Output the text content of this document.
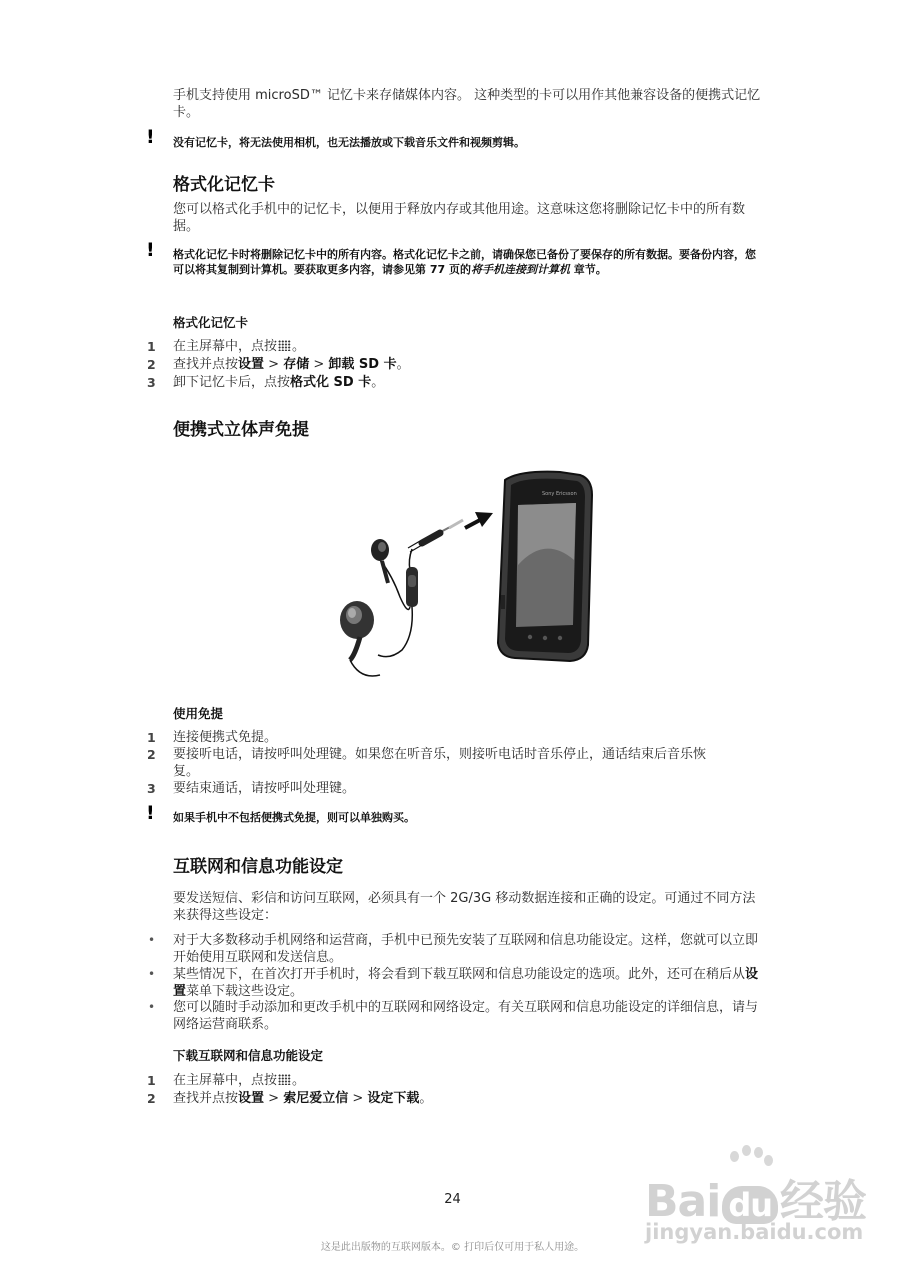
手机支持使用 microSD™ 记忆卡来存储媒体内容。 这种类型的卡可以用作其他兼容设备的便携式记忆卡。
!	没有记忆卡，将无法使用相机，也无法播放或下载音乐文件和视频剪辑。
格式化记忆卡
您可以格式化手机中的记忆卡，以便用于释放内存或其他用途。这意味这您将删除记忆卡中的所有数据。
!	格式化记忆卡时将删除记忆卡中的所有内容。格式化记忆卡之前，请确保您已备份了要保存的所有数据。要备份内容，您可以将其复制到计算机。要获取更多内容，请参见第 77 页的将手机连接到计算机 章节。
格式化记忆卡
1 在主屏幕中，点按 。
2 查找并点按设置 > 存储 > 卸载 SD 卡。
3 卸下记忆卡后，点按格式化 SD 卡。
便携式立体声免提
Sony Ericsson
使用免提
1 连接便携式免提。
2 要接听电话，请按呼叫处理键。如果您在听音乐，则接听电话时音乐停止，通话结束后音乐恢复。
3 要结束通话，请按呼叫处理键。
!	如果手机中不包括便携式免提，则可以单独购买。
互联网和信息功能设定
要发送短信、彩信和访问互联网，必须具有一个 2G/3G 移动数据连接和正确的设定。可通过不同方法来获得这些设定：
• 对于大多数移动手机网络和运营商，手机中已预先安装了互联网和信息功能设定。这样，您就可以立即开始使用互联网和发送信息。
• 某些情况下，在首次打开手机时，将会看到下载互联网和信息功能设定的选项。此外，还可在稍后从设置菜单下载这些设定。
• 您可以随时手动添加和更改手机中的互联网和网络设定。有关互联网和信息功能设定的详细信息，请与网络运营商联系。
下载互联网和信息功能设定
1 在主屏幕中，点按 。
2 查找并点按设置 > 索尼爱立信 > 设定下载。
24
这是此出版物的互联网版本。© 打印后仅可用于私人用途。
Bai du 经验
jingyan.baidu.com
